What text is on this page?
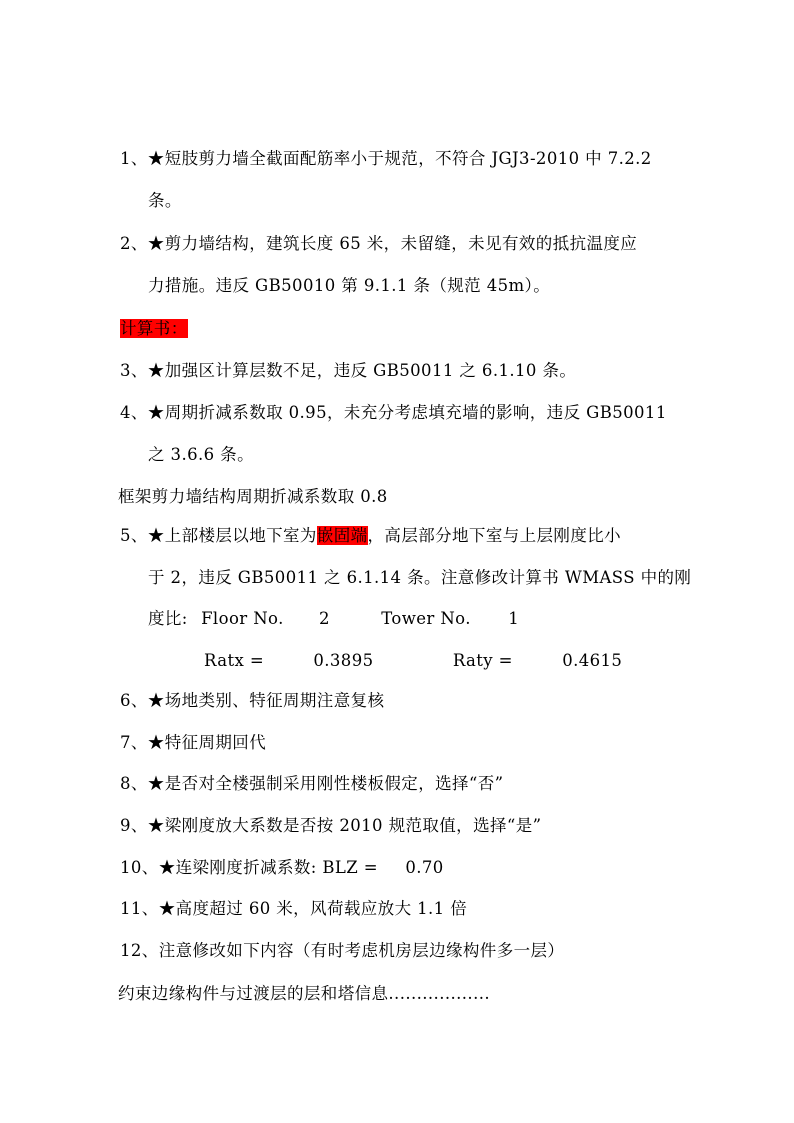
1、★短肢剪力墙全截面配筋率小于规范，不符合 JGJ3-2010 中 7.2.2
条。
2、★剪力墙结构，建筑长度 65 米，未留缝，未见有效的抵抗温度应
力措施。违反 GB50010 第 9.1.1 条（规范 45m）。
计算书：
3、★加强区计算层数不足，违反 GB50011 之 6.1.10 条。
4、★周期折减系数取 0.95，未充分考虑填充墙的影响，违反 GB50011
之 3.6.6 条。
框架剪力墙结构周期折减系数取 0.8
5、★上部楼层以地下室为嵌固端，高层部分地下室与上层刚度比小
于 2，违反 GB50011 之 6.1.14 条。注意修改计算书 WMASS 中的刚
度比: Floor No. 2	Tower No. 1
Ratx =	0.3895	Raty =	0.4615
6、★场地类别、特征周期注意复核
7、★特征周期回代
8、★是否对全楼强制采用刚性楼板假定，选择“否”
9、★梁刚度放大系数是否按 2010 规范取值，选择“是”
10、★连梁刚度折减系数: BLZ = 0.70
11、★高度超过 60 米，风荷载应放大 1.1 倍
12、注意修改如下内容（有时考虑机房层边缘构件多一层）
约束边缘构件与过渡层的层和塔信息..................
